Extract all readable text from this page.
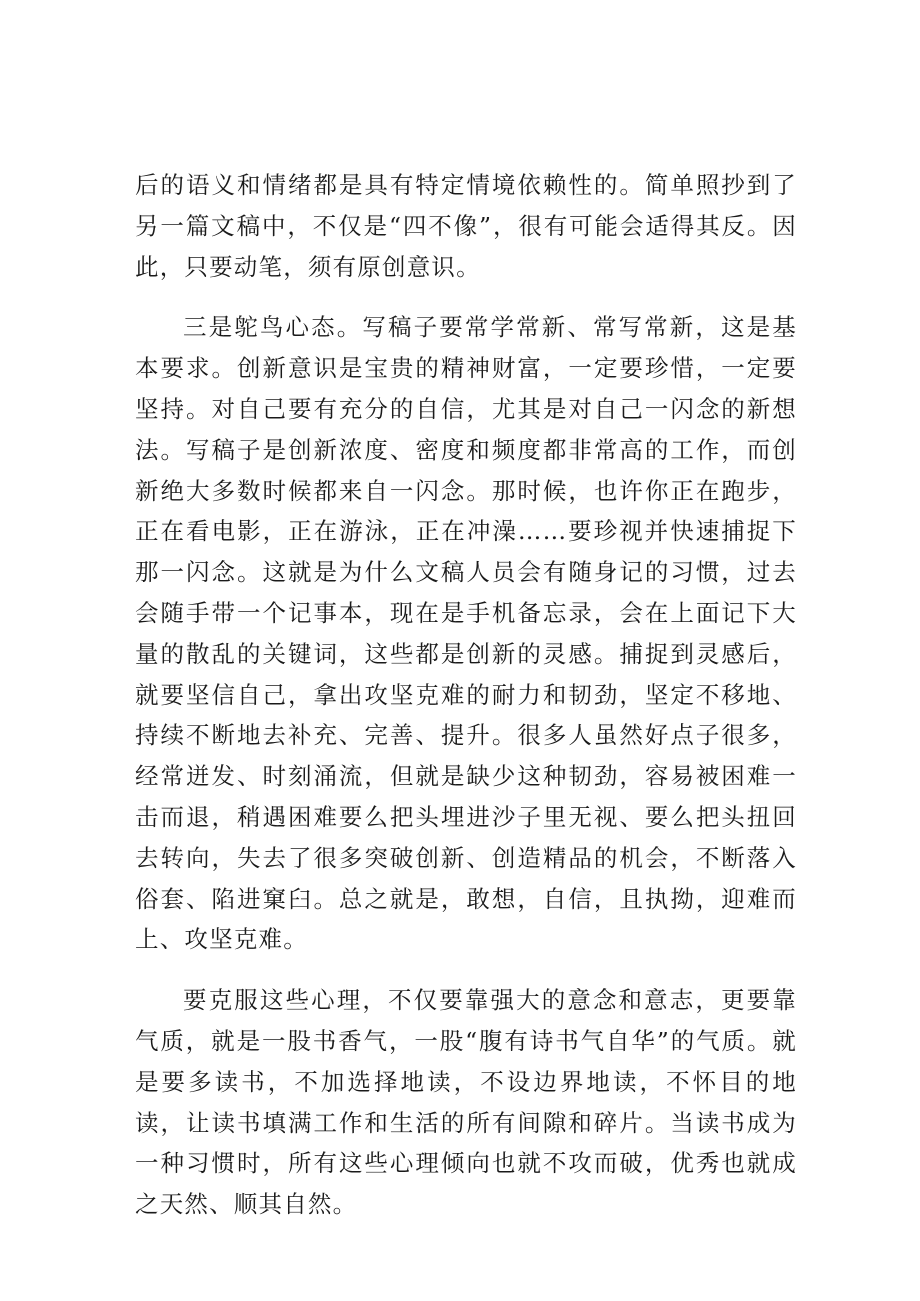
后的语义和情绪都是具有特定情境依赖性的。简单照抄到了另一篇文稿中，不仅是“四不像”，很有可能会适得其反。因此，只要动笔，须有原创意识。

三是鸵鸟心态。写稿子要常学常新、常写常新，这是基本要求。创新意识是宝贵的精神财富，一定要珍惜，一定要坚持。对自己要有充分的自信，尤其是对自己一闪念的新想法。写稿子是创新浓度、密度和频度都非常高的工作，而创新绝大多数时候都来自一闪念。那时候，也许你正在跑步，正在看电影，正在游泳，正在冲澡……要珍视并快速捕捉下那一闪念。这就是为什么文稿人员会有随身记的习惯，过去会随手带一个记事本，现在是手机备忘录，会在上面记下大量的散乱的关键词，这些都是创新的灵感。捕捉到灵感后，就要坚信自己，拿出攻坚克难的耐力和韧劲，坚定不移地、持续不断地去补充、完善、提升。很多人虽然好点子很多，经常迸发、时刻涌流，但就是缺少这种韧劲，容易被困难一击而退，稍遇困难要么把头埋进沙子里无视、要么把头扭回去转向，失去了很多突破创新、创造精品的机会，不断落入俗套、陷进窠臼。总之就是，敢想，自信，且执拗，迎难而上、攻坚克难。

要克服这些心理，不仅要靠强大的意念和意志，更要靠气质，就是一股书香气，一股“腹有诗书气自华”的气质。就是要多读书，不加选择地读，不设边界地读，不怀目的地读，让读书填满工作和生活的所有间隙和碎片。当读书成为一种习惯时，所有这些心理倾向也就不攻而破，优秀也就成之天然、顺其自然。
